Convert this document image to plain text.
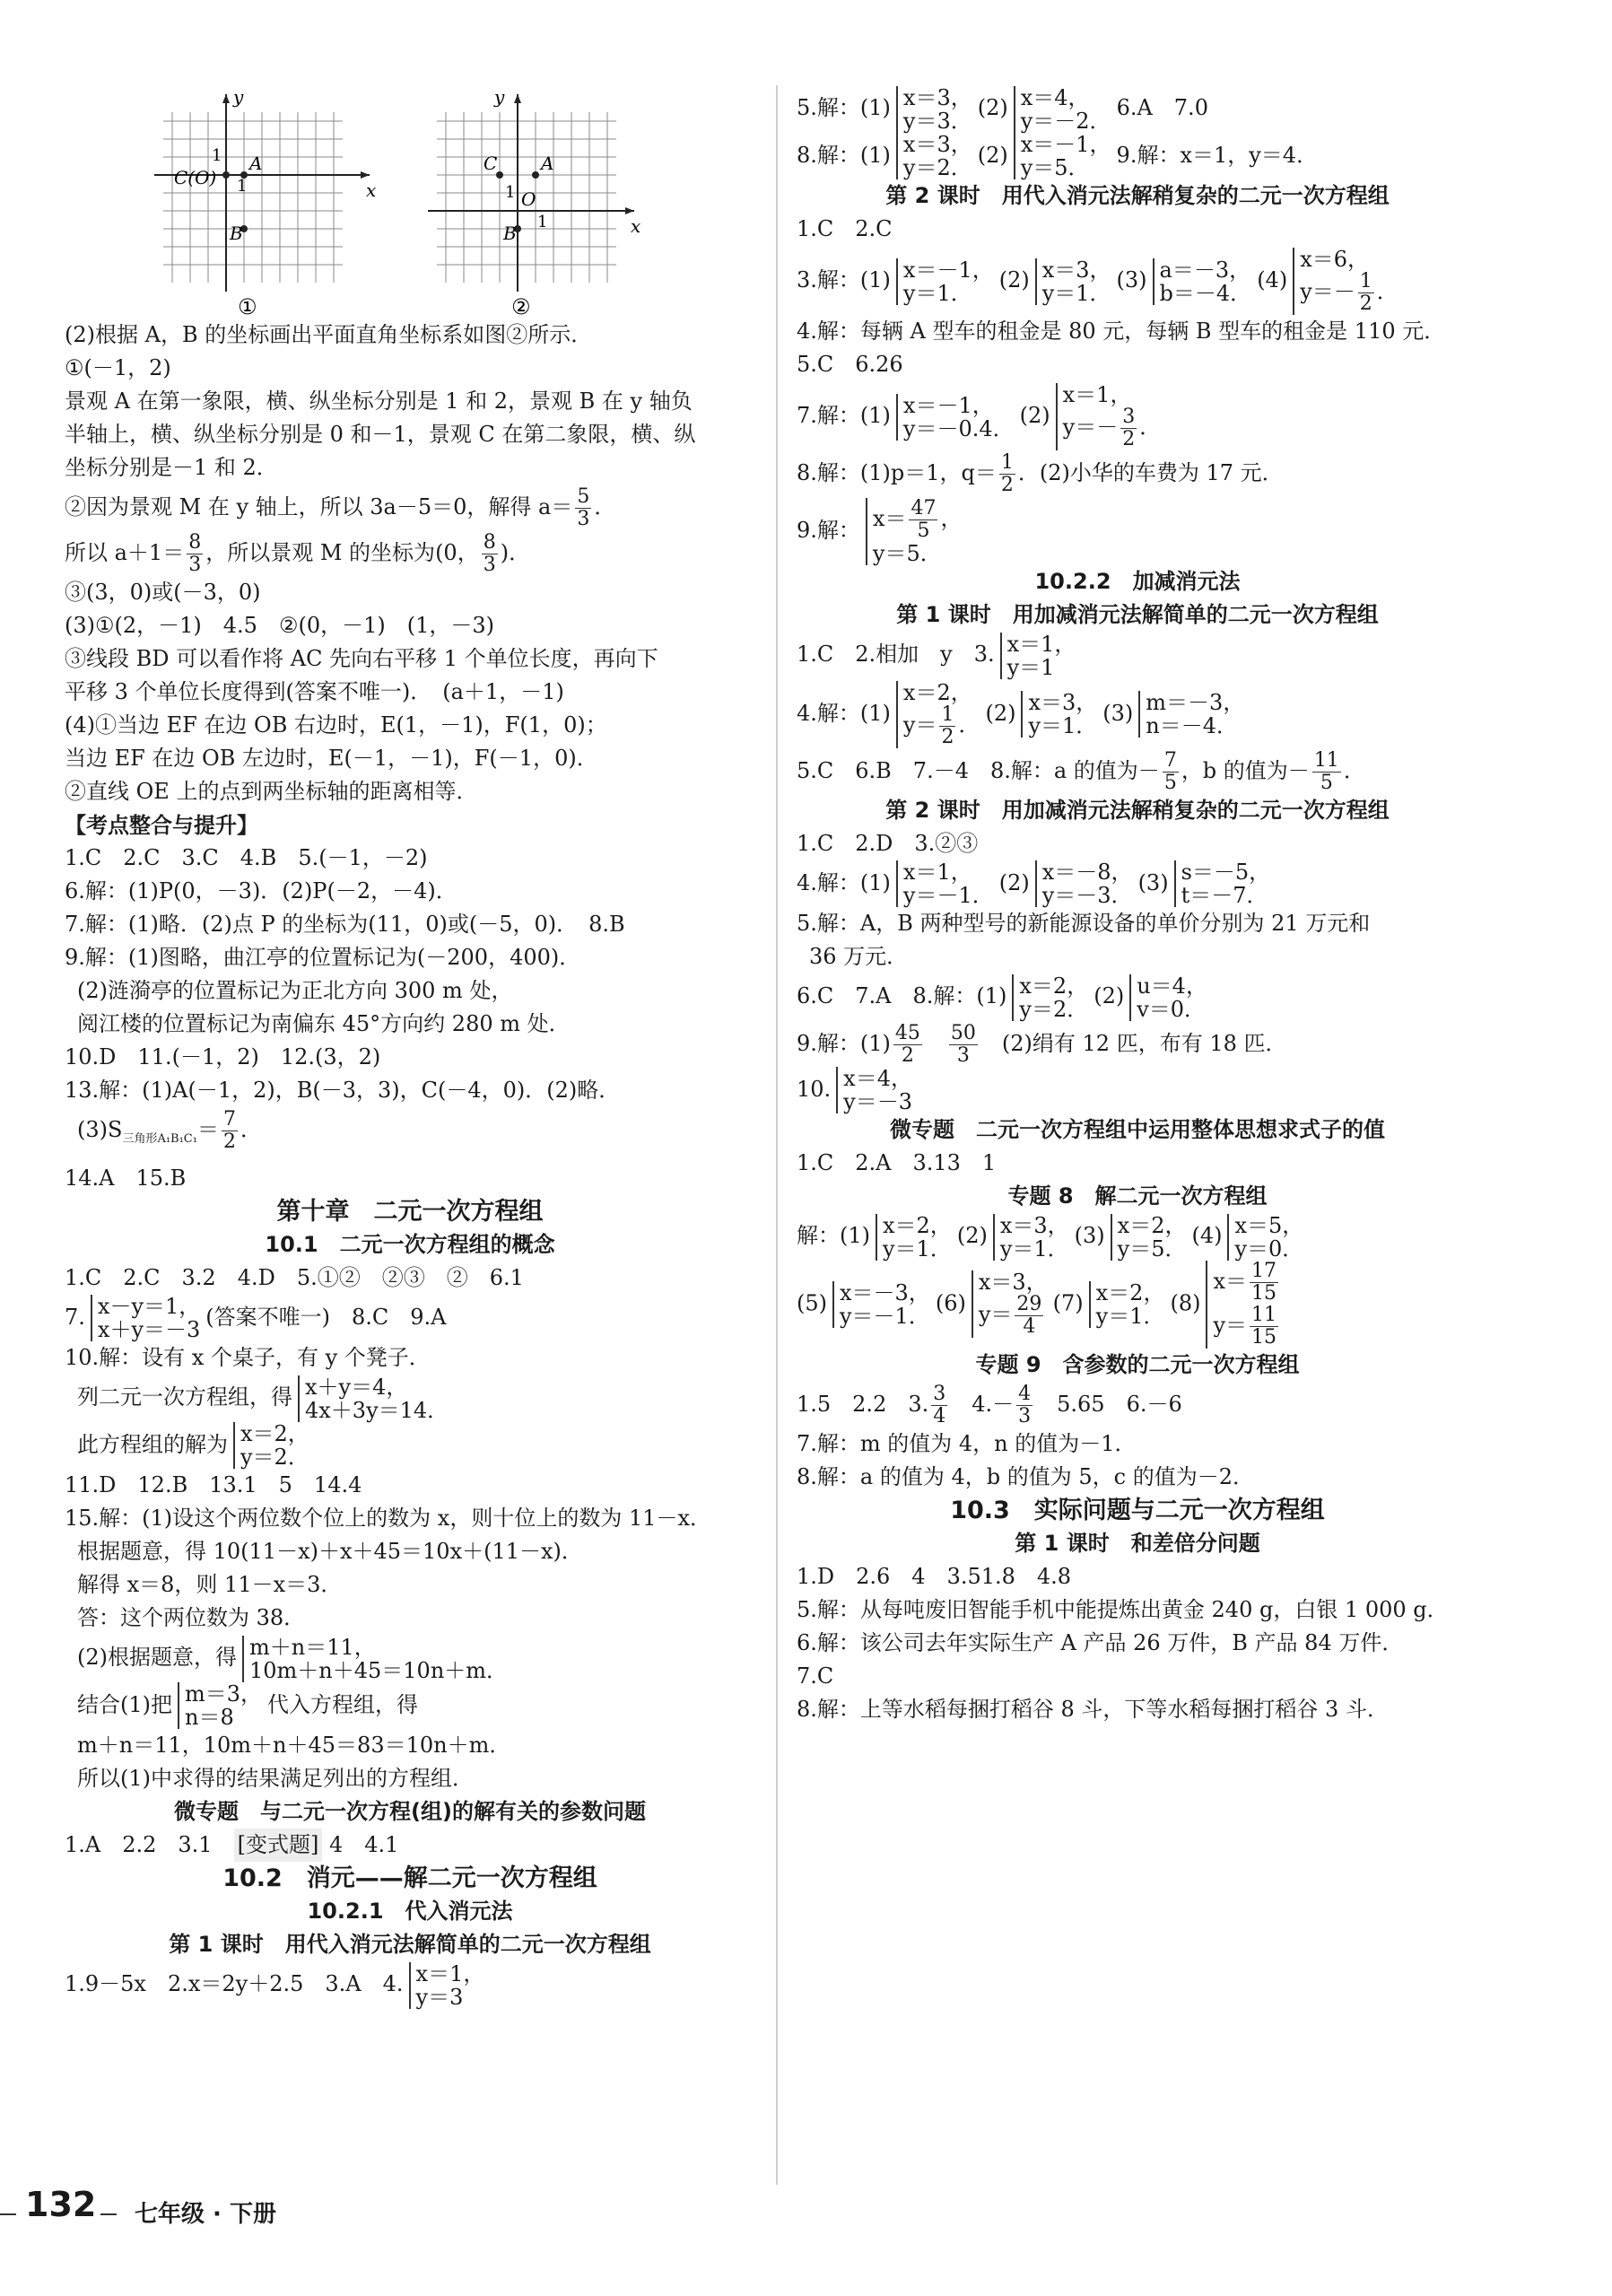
x
y
A
B
C(O) 1
1
①
x
y
A
B
C
O
1
1
②
(2)根据 A，B 的坐标画出平面直角坐标系如图②所示．
①(－1，2)
景观 A 在第一象限，横、纵坐标分别是 1 和 2，景观 B 在 y 轴负
半轴上，横、纵坐标分别是 0 和－1，景观 C 在第二象限，横、纵
坐标分别是－1 和 2．
②因为景观 M 在 y 轴上，所以 3a－5＝0，解得 $a= \frac{5}{3}$ ．
所以 $a+1= \frac{8}{3}$ ，所以景观 M 的坐标为(0， $\frac{8}{3}$ )．
③(3，0)或(－3，0)
(3)①(2，－1)　4.5　②(0，－1)　(1，－3)
③线段 BD 可以看作将 AC 先向右平移 1 个单位长度，再向下
平移 3 个单位长度得到(答案不唯一)．　(a＋1，－1)
(4)①当边 EF 在边 OB 右边时，E(1，－1)，F(1，0)；
当边 EF 在边 OB 左边时，E(－1，－1)，F(－1，0)．
②直线 OE 上的点到两坐标轴的距离相等．
【考点整合与提升】
1.C　2.C　3.C　4.B　5.(－1，－2)
6.解：(1)P(0，－3)．(2)P(－2，－4)．
7.解：(1)略．(2)点 P 的坐标为(11，0)或(－5，0)．　8.B
9.解：(1)图略，曲江亭的位置标记为(－200，400)．
(2)涟漪亭的位置标记为正北方向 300 m 处，
阅江楼的位置标记为南偏东 45°方向约 280 m 处．
10.D　11.(－1，2)　12.(3，2)
13.解：(1)A(－1，2)，B(－3，3)，C(－4，0)．(2)略．
$(3)S_{三角形A_1B_1C_1}= \frac{7}{2}$ ．
14.A　15.B
第十章　二元一次方程组
10.1　二元一次方程组的概念
1.C　2.C　3.2　4.D　5.①②　②③　②　6.1
7. x－y＝1，
x＋y＝－3(答案不唯一)　8.C　9.A
10.解：设有 x 个桌子，有 y 个凳子．
列二元一次方程组，得 x＋y＝4，
4x＋3y＝14．
此方程组的解为 x＝2，
y＝2．
11.D　12.B　13.1　5　14.4
15.解：(1)设这个两位数个位上的数为 x，则十位上的数为 11－x．
根据题意，得 10(11－x)＋x＋45＝10x＋(11－x)．
解得 x＝8，则 11－x＝3．
答：这个两位数为 38．
(2)根据题意，得 m＋n＝11，
10m＋n＋45＝10n＋m．
结合(1)把 m＝3，
n＝8代入方程组，得
m＋n＝11，10m＋n＋45＝83＝10n＋m．
所以(1)中求得的结果满足列出的方程组．
微专题　与二元一次方程(组)的解有关的参数问题
1.A　2.2　3.1　[变式题] 4　4.1
10.2　消元——解二元一次方程组
10.2.1　代入消元法
第 1 课时　用代入消元法解简单的二元一次方程组
1.9－5x　2.x＝2y＋2.5　3.A　4. x＝1，
y＝3
5.解：(1) x＝3，
y＝3．(2) x＝4，
y＝－2．6.A　7.0
8.解：(1) x＝3，
y＝2．(2) x＝－1，
y＝5．9.解：x＝1，y＝4．
第 2 课时　用代入消元法解稍复杂的二元一次方程组
1.C　2.C
3.解：(1) x＝－1，
y＝1．(2) x＝3，
y＝1．(3) a＝－3，
b＝－4．(4)x＝6，
$y=- \frac{1}{2}$ ．
4.解：每辆 A 型车的租金是 80 元，每辆 B 型车的租金是 110 元．
5.C　6.26
7.解：(1) x＝－1，
y＝－0.4．(2)x＝1，
$y=- \frac{3}{2}$ ．
8.解：(1)p＝1，$q= \frac{1}{2}$ ．(2)小华的车费为 17 元．
9.解： $x= \frac{47}{5}$ ，
y＝5．
10.2.2　加减消元法
第 1 课时　用加减消元法解简单的二元一次方程组
1.C　2.相加　y　3. x＝1，
y＝1
4.解：(1)x＝2，
$y= \frac{1}{2}$ ． (2) x＝3，
y＝1．(3) m＝－3，
n＝－4．
5.C　6.B　7.－4　8.解：a 的值为－ $\frac{7}{5}$ ，b 的值为－ $\frac{11}{5}$ ．
第 2 课时　用加减消元法解稍复杂的二元一次方程组
1.C　2.D　3.②③
4.解：(1) x＝1，
y＝－1．(2) x＝－8，
y＝－3．(3) s＝－5，
t＝－7．
5.解：A，B 两种型号的新能源设备的单价分别为 21 万元和
36 万元．
6.C　7.A　8.解：(1) x＝2，
y＝2．(2) u＝4，
v＝0．
9.解：$(1) \frac{45}{2}$
　 $\frac{50}{3}$
　 (2)绢有 12 匹，布有 18 匹．
10. x＝4，
y＝－3
微专题　二元一次方程组中运用整体思想求式子的值
1.C　2.A　3.13　1
专题 8　解二元一次方程组
解：(1) x＝2，
y＝1．(2) x＝3，
y＝1．(3) x＝2，
y＝5．(4) x＝5，
y＝0．
(5) x＝－3，
y＝－1．(6)x＝3，
$y= \frac{29}{4} (7)$ x＝2，
y＝1．$(8)x= \frac{17}{15}$

$y= \frac{11}{15}$
专题 9　含参数的二元一次方程组
1.5　2.2　3. $\frac{3}{4}$
　 $4.- \frac{4}{3}$
　 5.65　6.－6
7.解：m 的值为 4，n 的值为－1．
8.解：a 的值为 4，b 的值为 5，c 的值为－2．
10.3　实际问题与二元一次方程组
第 1 课时　和差倍分问题
1.D　2.6　4　3.51.8　4.8
5.解：从每吨废旧智能手机中能提炼出黄金 240 g，白银 1 000 g．
6.解：该公司去年实际生产 A 产品 26 万件，B 产品 84 万件．
7.C
8.解：上等水稻每捆打稻谷 8 斗，下等水稻每捆打稻谷 3 斗．
132 七年级 · 下册
